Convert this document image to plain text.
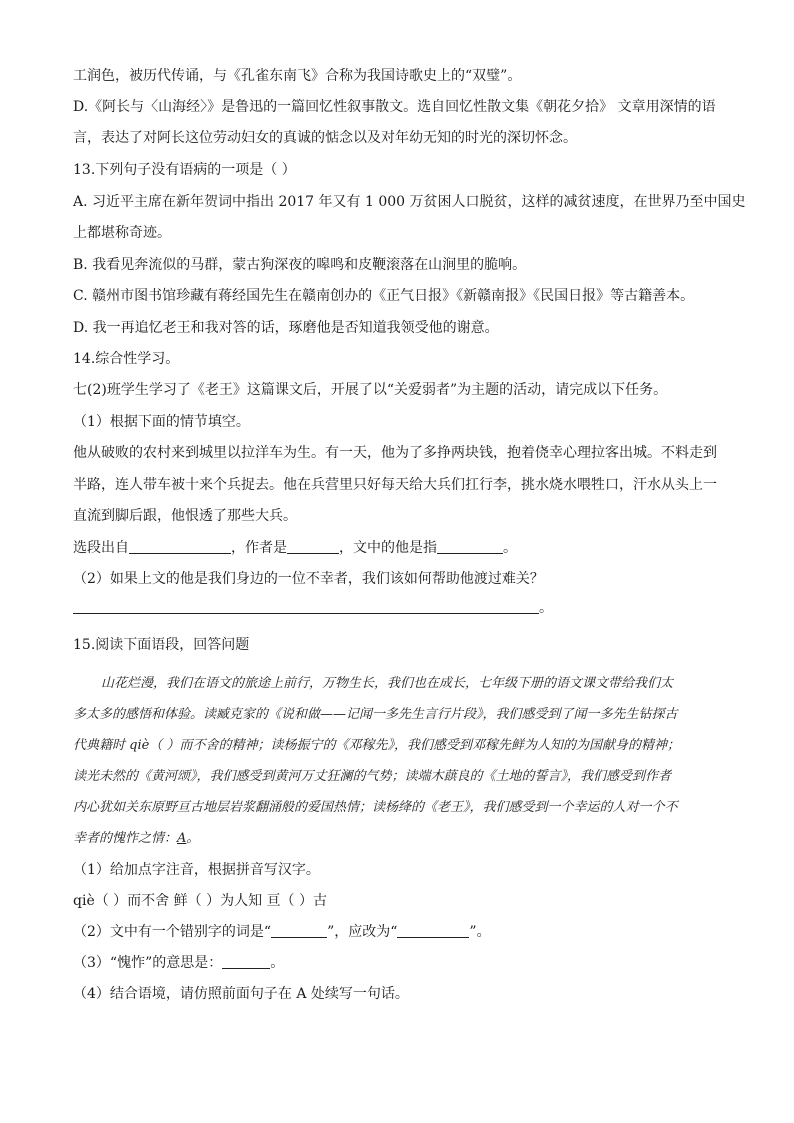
工润色，被历代传诵，与《孔雀东南飞》合称为我国诗歌史上的“双璧”。
D.《阿长与〈山海经〉》是鲁迅的一篇回忆性叙事散文。选自回忆性散文集《朝花夕拾》 文章用深情的语
言，表达了对阿长这位劳动妇女的真诚的惦念以及对年幼无知的时光的深切怀念。
13.下列句子没有语病的一项是（ ）
A. 习近平主席在新年贺词中指出 2017 年又有 1 000 万贫困人口脱贫，这样的减贫速度，在世界乃至中国史
上都堪称奇迹。
B. 我看见奔流似的马群，蒙古狗深夜的嗥鸣和皮鞭滚落在山涧里的脆响。
C. 赣州市图书馆珍藏有蒋经国先生在赣南创办的《正气日报》《新赣南报》《民国日报》等古籍善本。
D. 我一再追忆老王和我对答的话，琢磨他是否知道我领受他的谢意。
14.综合性学习。
七(2)班学生学习了《老王》这篇课文后，开展了以“关爱弱者”为主题的活动，请完成以下任务。
（1）根据下面的情节填空。
他从破败的农村来到城里以拉洋车为生。有一天，他为了多挣两块钱，抱着侥幸心理拉客出城。不料走到
半路，连人带车被十来个兵捉去。他在兵营里只好每天给大兵们扛行李，挑水烧水喂牲口，汗水从头上一
直流到脚后跟，他恨透了那些大兵。
选段出自	，作者是	，文中的他是指	。
（2）如果上文的他是我们身边的一位不幸者，我们该如何帮助他渡过难关？
。
15.阅读下面语段，回答问题
山花烂漫，我们在语文的旅途上前行，万物生长，我们也在成长，七年级下册的语文课文带给我们太
多太多的感悟和体验。读臧克家的《说和做——记闻一多先生言行片段》，我们感受到了闻一多先生钻探古
代典籍时 qiè（ ）而不舍的精神；读杨振宁的《邓稼先》，我们感受到邓稼先鲜为人知的为国献身的精神；
读光未然的《黄河颂》，我们感受到黄河万丈狂澜的气势；读端木蕻良的《土地的誓言》，我们感受到作者
内心犹如关东原野亘古地层岩浆翻涌般的爱国热情；读杨绛的《老王》，我们感受到一个幸运的人对一个不
幸者的愧怍之情：A。
（1）给加点字注音，根据拼音写汉字。
qiè（ ）而不舍 鲜（ ）为人知 亘（ ）古
（2）文中有一个错别字的词是“	”，应改为“	”。
（3）“愧怍”的意思是：	。
（4）结合语境，请仿照前面句子在 A 处续写一句话。
